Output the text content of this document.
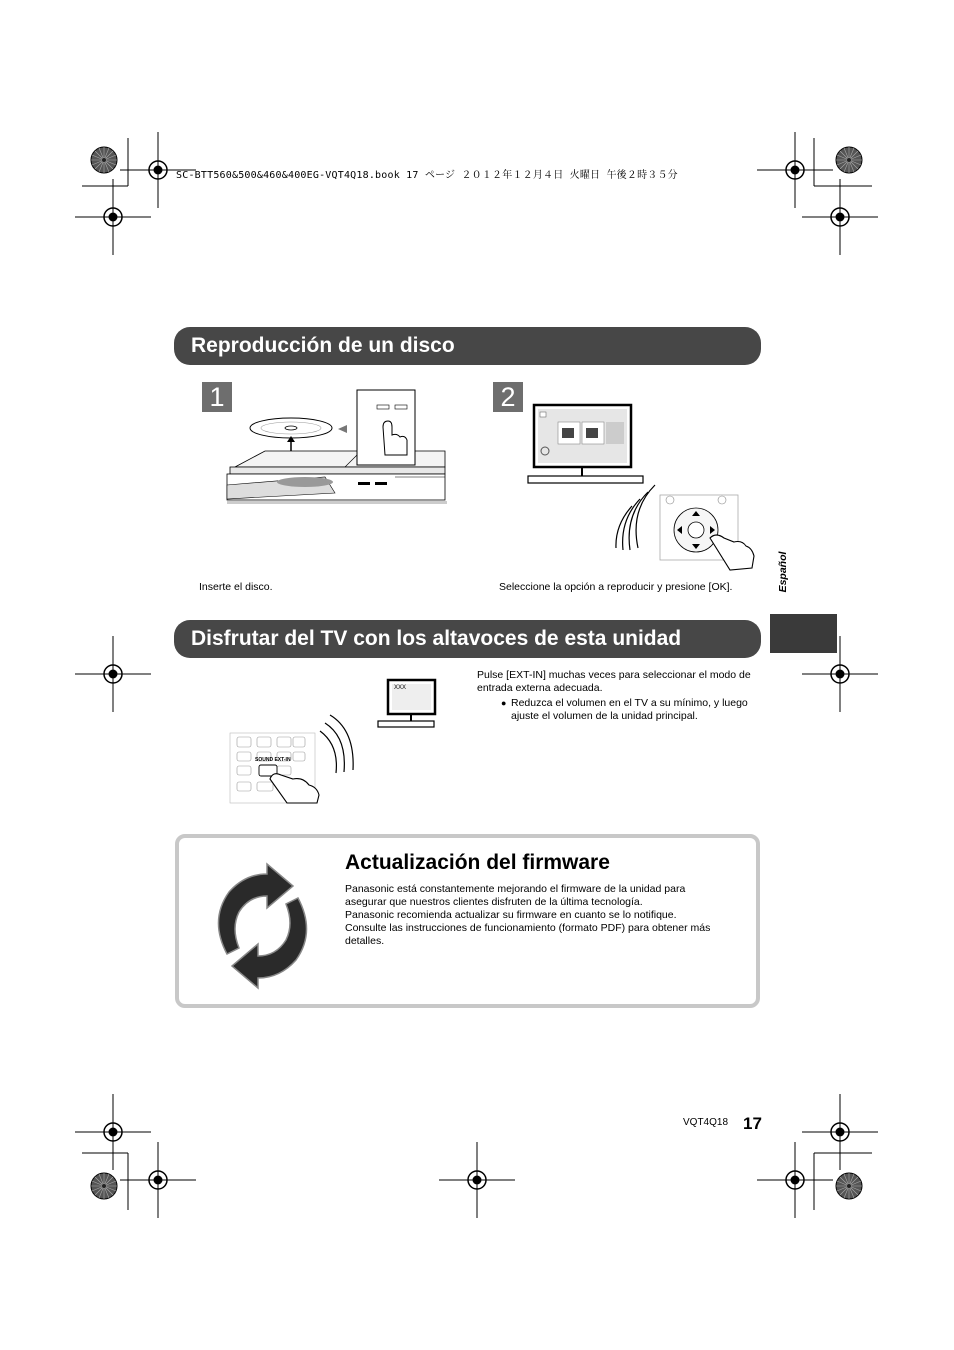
SC-BTT560&500&460&400EG-VQT4Q18.book 17 ページ ２０１２年１２月４日 火曜日 午後２時３５分
Reproducción de un disco
1	2
Inserte el disco.	Seleccione la opción a reproducir y presione [OK].	Español
Disfrutar del TV con los altavoces de esta unidad
XXX
SOUND EXT-IN
Pulse [EXT-IN] muchas veces para seleccionar el modo de entrada externa adecuada.
● Reduzca el volumen en el TV a su mínimo, y luego ajuste el volumen de la unidad principal.
Actualización del firmware
Panasonic está constantemente mejorando el firmware de la unidad para
asegurar que nuestros clientes disfruten de la última tecnología.
Panasonic recomienda actualizar su firmware en cuanto se lo notifique.
Consulte las instrucciones de funcionamiento (formato PDF) para obtener más
detalles.
VQT4Q18 17
